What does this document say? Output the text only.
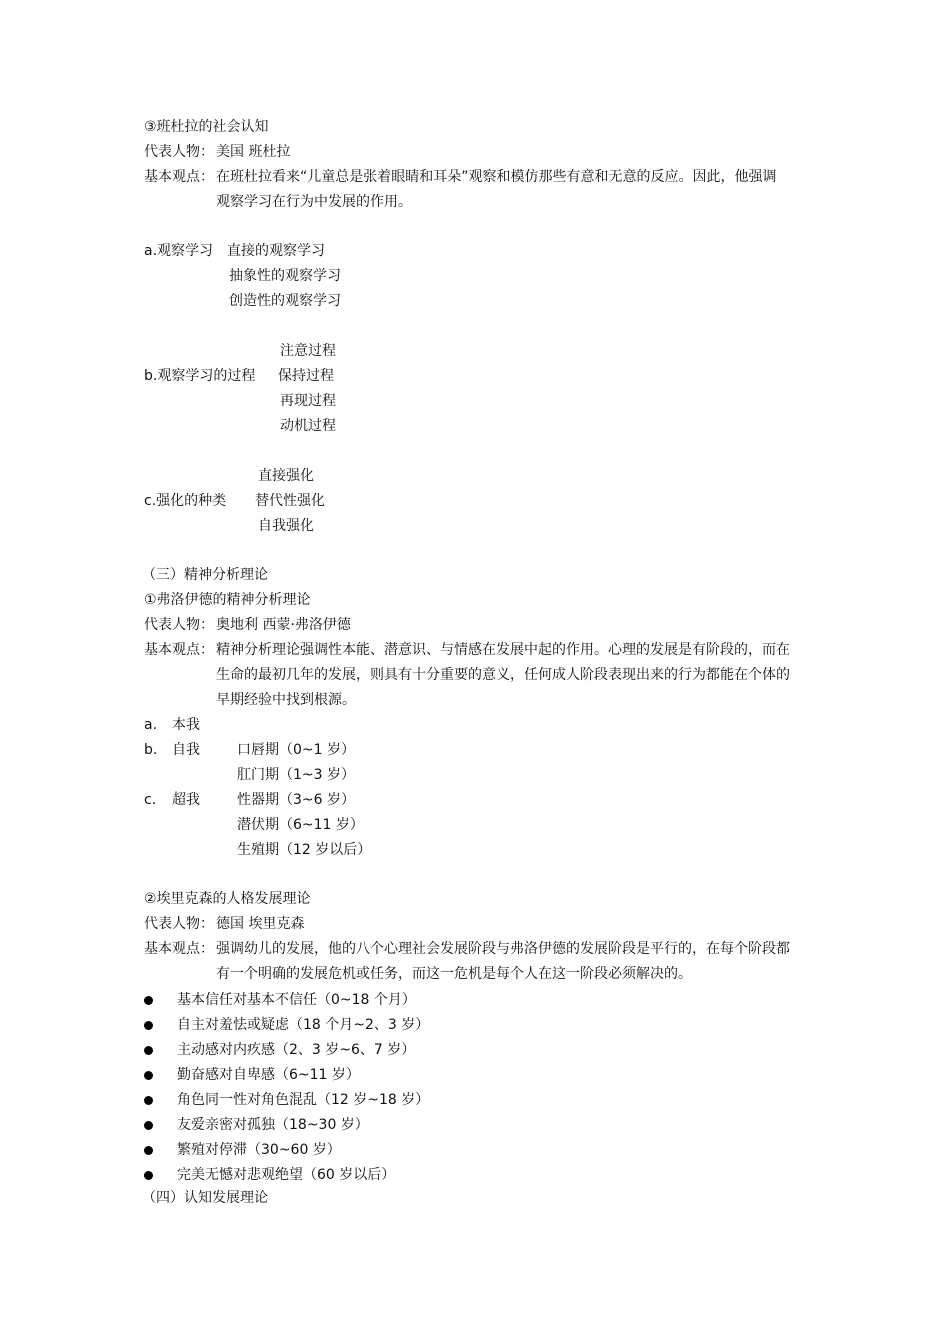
③班杜拉的社会认知
代表人物： 美国 班杜拉
基本观点： 在班杜拉看来“儿童总是张着眼睛和耳朵”观察和模仿那些有意和无意的反应。因此，他强调
观察学习在行为中发展的作用。
a.观察学习 直接的观察学习
抽象性的观察学习
创造性的观察学习
注意过程
b.观察学习的过程 保持过程
再现过程
动机过程
直接强化
c.强化的种类 替代性强化
自我强化
（三）精神分析理论
①弗洛伊德的精神分析理论
代表人物： 奥地利 西蒙·弗洛伊德
基本观点： 精神分析理论强调性本能、潜意识、与情感在发展中起的作用。心理的发展是有阶段的，而在
生命的最初几年的发展，则具有十分重要的意义，任何成人阶段表现出来的行为都能在个体的
早期经验中找到根源。
a. 本我
b. 自我
c. 超我
口唇期（0~1 岁）
肛门期（1~3 岁）
性器期（3~6 岁）
潜伏期（6~11 岁）
生殖期（12 岁以后）
②埃里克森的人格发展理论
代表人物： 德国 埃里克森
基本观点： 强调幼儿的发展，他的八个心理社会发展阶段与弗洛伊德的发展阶段是平行的，在每个阶段都
有一个明确的发展危机或任务，而这一危机是每个人在这一阶段必须解决的。
基本信任对基本不信任（0~18 个月）
自主对羞怯或疑虑（18 个月~2、3 岁）
主动感对内疚感（2、3 岁~6、7 岁）
勤奋感对自卑感（6~11 岁）
角色同一性对角色混乱（12 岁~18 岁）
友爱亲密对孤独（18~30 岁）
繁殖对停滞（30~60 岁）
完美无憾对悲观绝望（60 岁以后）
（四）认知发展理论
